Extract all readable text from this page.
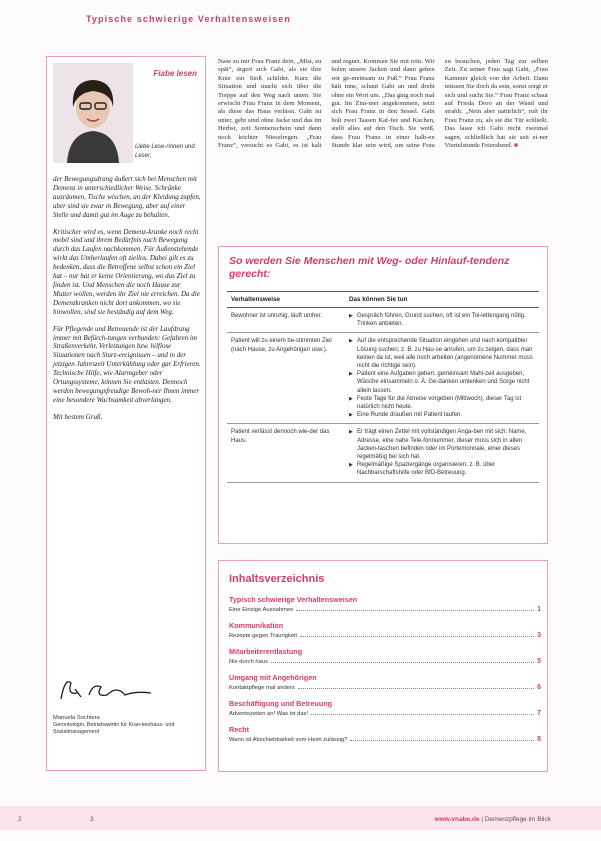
Typische schwierige Verhaltensweisen
Fiabe lesen
Liebe Lese-rinnen und Leser,

der Bewegungsdrang äußert sich bei Menschen mit Demenz in unterschiedlicher Weise. Schränke ausräumen, Tische wischen, an der Kleidung zupfen, aber sind sie zwar in Bewegung, aber auf einer Stelle und damit gut im Auge zu behalten.

Kritischer wird es, wenn Demenz-kranke noch recht mobil sind und ihrem Bedürfnis nach Bewegung durch das Laufen nachkommen. Für Außenstehende wirkt das Umherlaufen oft ziellos. Dabei gilt es zu bedenken, dass die Betroffene selbst schon ein Ziel hat – nur hat er keine Orientierung, wo das Ziel zu finden ist. Und Menschen die noch Hause zur Mutter wollen, werden ihr Ziel nie erreichen. Da die Demenzkranken nicht dort ankommen, wo sie hinwollen, sind sie beständig auf dem Weg.

Für Pflegende und Betreuende ist der Laufdrang immer mit Befürch-tungen verbunden: Gefahren im Straßenverkehr, Verletzungen bzw. hilflose Situationen nach Sturz-ereignissen – und in der jetzigen Jahreszeit Unterkühlung oder gar Erfrieren. Technische Hilfe, wie Alarmgeber oder Ortungssysteme, können Sie entlasten. Dennoch werden bewegungsfreudige Bewoh-ner Ihnen immer eine besondere Wachsamkeit abverlangen.

Mit bestem Gruß,

Manuela Sochiera
Gerontologin, Betriebswirtin für Kran-kenhaus- und Sozialmanagement
Nase zu mir Frau Franz dein, „Mist, zu spät“, ärgert sich Gabi, als sie ihre Knie ein Stoß schildet. Kurz die Situation und macht sich über die Treppe auf den Weg nach unten. Sie erwischt Frau Franz in dem Moment, als diese das Haus verlässt. Gabi ist unter, geht sind ohne Jacke und das im Herbst, zeit Sonnenschein und dann noch leichter Nieselregen. „Frau Franz“, versucht es Gabi, es ist kalt und regnet. Kommen Sie mit rein. Wir holen unsere Jacken und dann gehen wir ge-meinsam zu Fuß.“ Frau Franz hält inne, schaut Gabi an und dreht ohne ein Wort um. „Das ging noch mal gut. Im Zim-mer angekommen, setzt sich Frau Franz in den Sessel. Gabi holt zwei Tassen Kaf-fee und Kuchen, stellt alles auf den Tisch. Sie weiß, dass Frau Franz in einer halb-en Stunde klar sein wird, um seine Frau zu besuchen, jeden Tag zur selben Zeit. Zu seiner Frau sagt Gabi, „Frau Kammer gleich von der Arbeit. Dann müssen Sie doch da sein, sonst sorgt er sich und sucht Sie.“ Frau Franz schaut auf Frieda Doro an der Wand und strahlt. „Nein aber natürlich“, ruft ihr Frau Franz zu, als sie die Tür schließt. Das lasse ich Gabi nicht zweimal sagen, schließlich hat sie seit ei-ner Viertelstunde Feierabend. ■
So werden Sie Menschen mit Weg- oder Hinlauf-tendenz gerecht:
Verhaltensweise	Das können Sie tun
Bewohner ist unruhig, läuft umher.	▶ Gespräch führen, Grund suchen, oft ist ein Toi-lettengang nötig. Trinken anbieten.

Patient will zu einem be-stimmten Ziel (nach Hause, zu Angehörigen usw.).	▶ Auf die entsprechende Situation eingehen und nach kompatibler Lösung suchen, z. B. zu Hau-se anrufen, um zu zeigen, dass man keinen da ist, weil alle noch arbeiten (angenomene Nummer muss nicht die richtige sein).
▶ Patient eine Aufgaben geben, gemeinsam Mahl-zeit ausgeben, Wäsche einsammeln o. Ä. Ge-danken umlenken und Sorge nicht allein lassen.
▶ Feste Tage für die Abreise vorgeben (Mittwoch), dieser Tag ist natürlich nicht heute.
▶ Eine Runde draußen mit Patient laufen.

Patient verlässt dennoch wie-der das Haus.	▶ Er trägt einen Zettel mit vollständigen Anga-ben mit sich: Name, Adresse, eine nahe Tele-fonnummer, dieser muss sich in allen Jacken-taschen befinden oder im Portemonnaie, einer dieses regelmäßig bei sich hat.
▶ Regelmäßige Spaziergänge organisieren, z. B. über Nachbarschaftshilfe oder BfD-Betreuung.
Inhaltsverzeichnis
Typisch schwierige Verhaltensweisen
Eine Einzige Ausnahmen	1
Kommunikation
Rezepte gegen Traurigkeit	3
Mitarbeiterentlastung
Nie durch haus	5
Umgang mit Angehörigen
Kontaktpflege mal anders	6
Beschäftigung und Betreuung
Adventszeiten an! Was ist das!	7
Recht
Wann ist Abschiebbarkeit vom Heim zulässig?	8
2	3	www.vnabe.de | Demenzpflege im Blick
